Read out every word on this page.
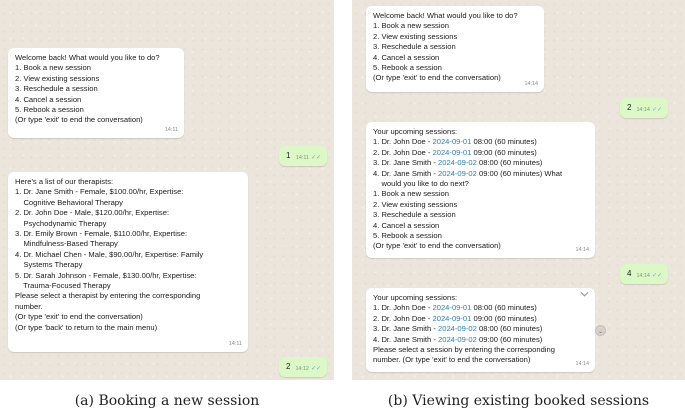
Welcome back! What would you like to do?
1. Book a new session
2. View existing sessions
3. Reschedule a session
4. Cancel a session
5. Rebook a session
(Or type 'exit' to end the conversation)
14:11
1 14:11 ✓✓
Here's a list of our therapists:
1. Dr. Jane Smith - Female, $100.00/hr, Expertise:
Cognitive Behavioral Therapy
2. Dr. John Doe - Male, $120.00/hr, Expertise:
Psychodynamic Therapy
3. Dr. Emily Brown - Female, $110.00/hr, Expertise:
Mindfulness-Based Therapy
4. Dr. Michael Chen - Male, $90.00/hr, Expertise: Family
Systems Therapy
5. Dr. Sarah Johnson - Female, $130.00/hr, Expertise:
Trauma-Focused Therapy
Please select a therapist by entering the corresponding
number.
(Or type 'exit' to end the conversation)
(Or type 'back' to return to the main menu)
14:11
2 14:12 ✓✓
Welcome back! What would you like to do?
1. Book a new session
2. View existing sessions
3. Reschedule a session
4. Cancel a session
5. Rebook a session
(Or type 'exit' to end the conversation)
14:14
2 14:14 ✓✓
Your upcoming sessions:
1. Dr. John Doe - 2024-09-01 08:00 (60 minutes)
2. Dr. John Doe - 2024-09-01 09:00 (60 minutes)
3. Dr. Jane Smith - 2024-09-02 08:00 (60 minutes)
4. Dr. Jane Smith - 2024-09-02 09:00 (60 minutes) What
would you like to do next?
1. Book a new session
2. View existing sessions
3. Reschedule a session
4. Cancel a session
5. Rebook a session
(Or type 'exit' to end the conversation)	14:14
4 14:14 ✓✓
Your upcoming sessions:
1. Dr. John Doe - 2024-09-01 08:00 (60 minutes)
2. Dr. John Doe - 2024-09-01 09:00 (60 minutes)
3. Dr. Jane Smith - 2024-09-02 08:00 (60 minutes)
4. Dr. Jane Smith - 2024-09-02 09:00 (60 minutes)
Please select a session by entering the corresponding
number. (Or type 'exit' to end the conversation)	14:14
(a) Booking a new session	(b) Viewing existing booked sessions
